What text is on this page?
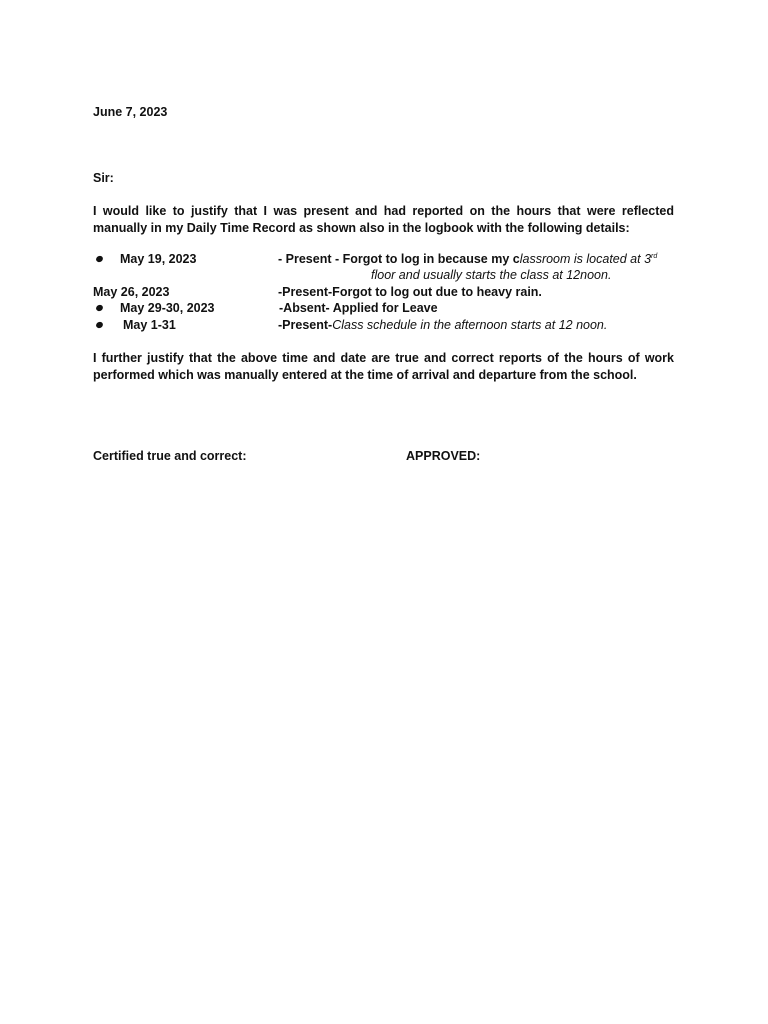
June 7, 2023
Sir:
I would like to justify that I was present and had reported on the hours that were reflected manually in my Daily Time Record as shown also in the logbook with the following details:
May 19, 2023	- Present - Forgot to log in because my classroom is located at 3rd
floor and usually starts the class at 12noon.
May 26, 2023	-Present-Forgot to log out due to heavy rain.
May 29-30, 2023	-Absent- Applied for Leave
May 1-31	-Present-Class schedule in the afternoon starts at 12 noon.
I further justify that the above time and date are true and correct reports of the hours of work performed which was manually entered at the time of arrival and departure from the school.
Certified true and correct:	APPROVED:
